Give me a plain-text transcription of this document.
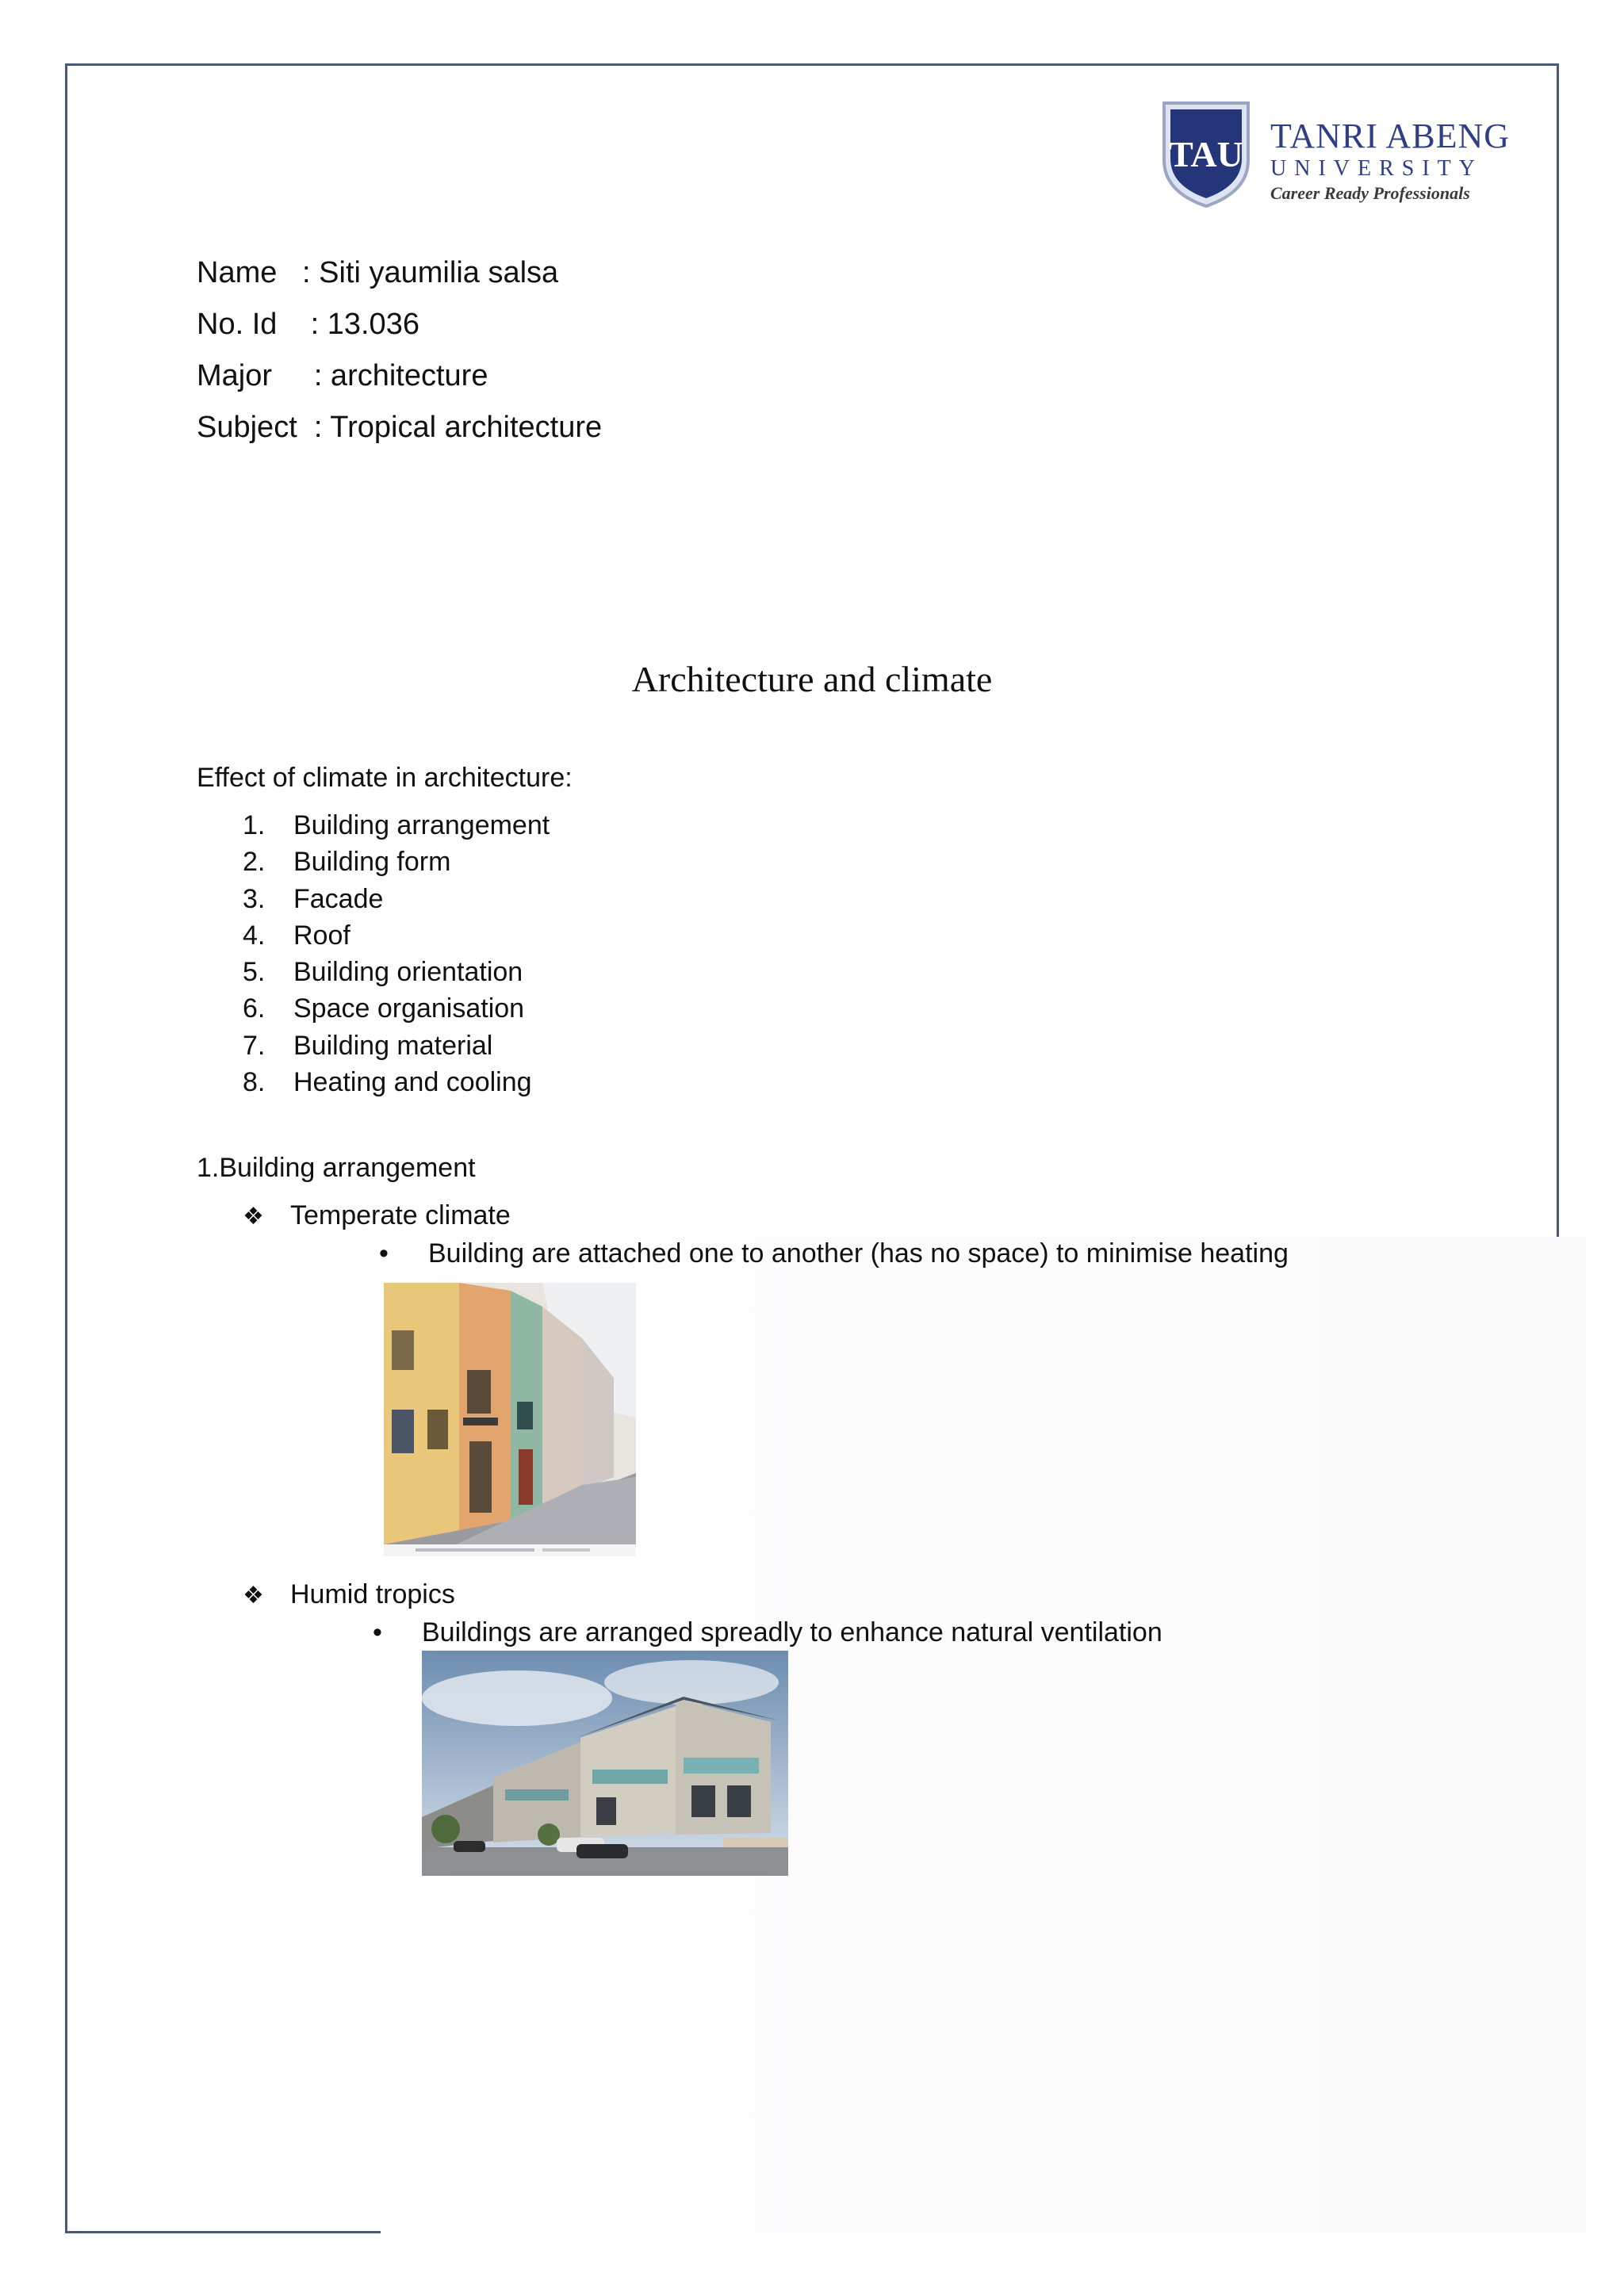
TAU TANRI ABENG
UNIVERSITY
Career Ready Professionals
Name   : Siti yaumilia salsa
No. Id    : 13.036
Major     : architecture
Subject  : Tropical architecture
Architecture and climate
Effect of climate in architecture:
1. Building arrangement
2. Building form
3. Facade
4. Roof
5. Building orientation
6. Space organisation
7. Building material
8. Heating and cooling
1.Building arrangement
❖ Temperate climate
• Building are attached one to another (has no space) to minimise heating
❖ Humid tropics
• Buildings are arranged spreadly to enhance natural ventilation
